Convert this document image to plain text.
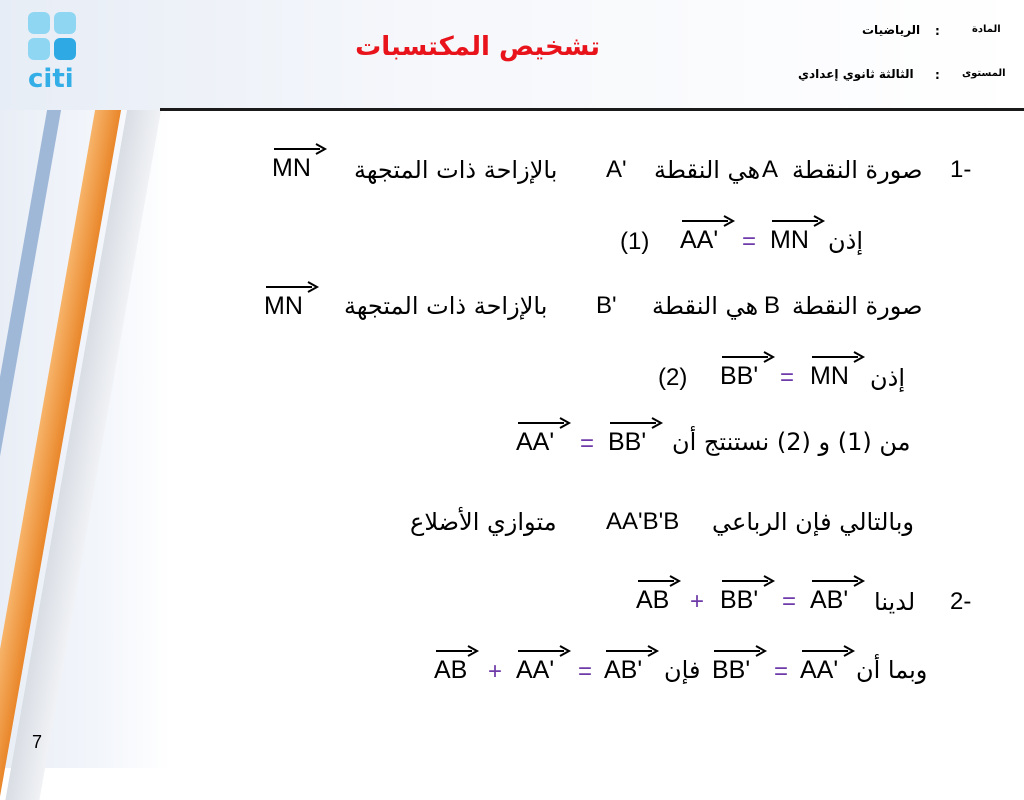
citi
تشخيص المكتسبات
المادة
:
الرياضيات
المستوى
:
الثالثة ثانوي إعدادي
1-
صورة النقطة
A
هي النقطة
A'
بالإزاحة ذات المتجهة
MN
إذن
MN
=
AA'
(1)
صورة النقطة
B
هي النقطة
B'
بالإزاحة ذات المتجهة
MN
إذن
MN
=
BB'
(2)
من (1) و (2) نستنتج أن
BB'
=
AA'
وبالتالي فإن الرباعي
AA'B'B
متوازي الأضلاع
2-
لدينا
AB'
=
BB'
+
AB
وبما أن
AA'
=
BB'
فإن
AB'
=
AA'
+
AB
7
